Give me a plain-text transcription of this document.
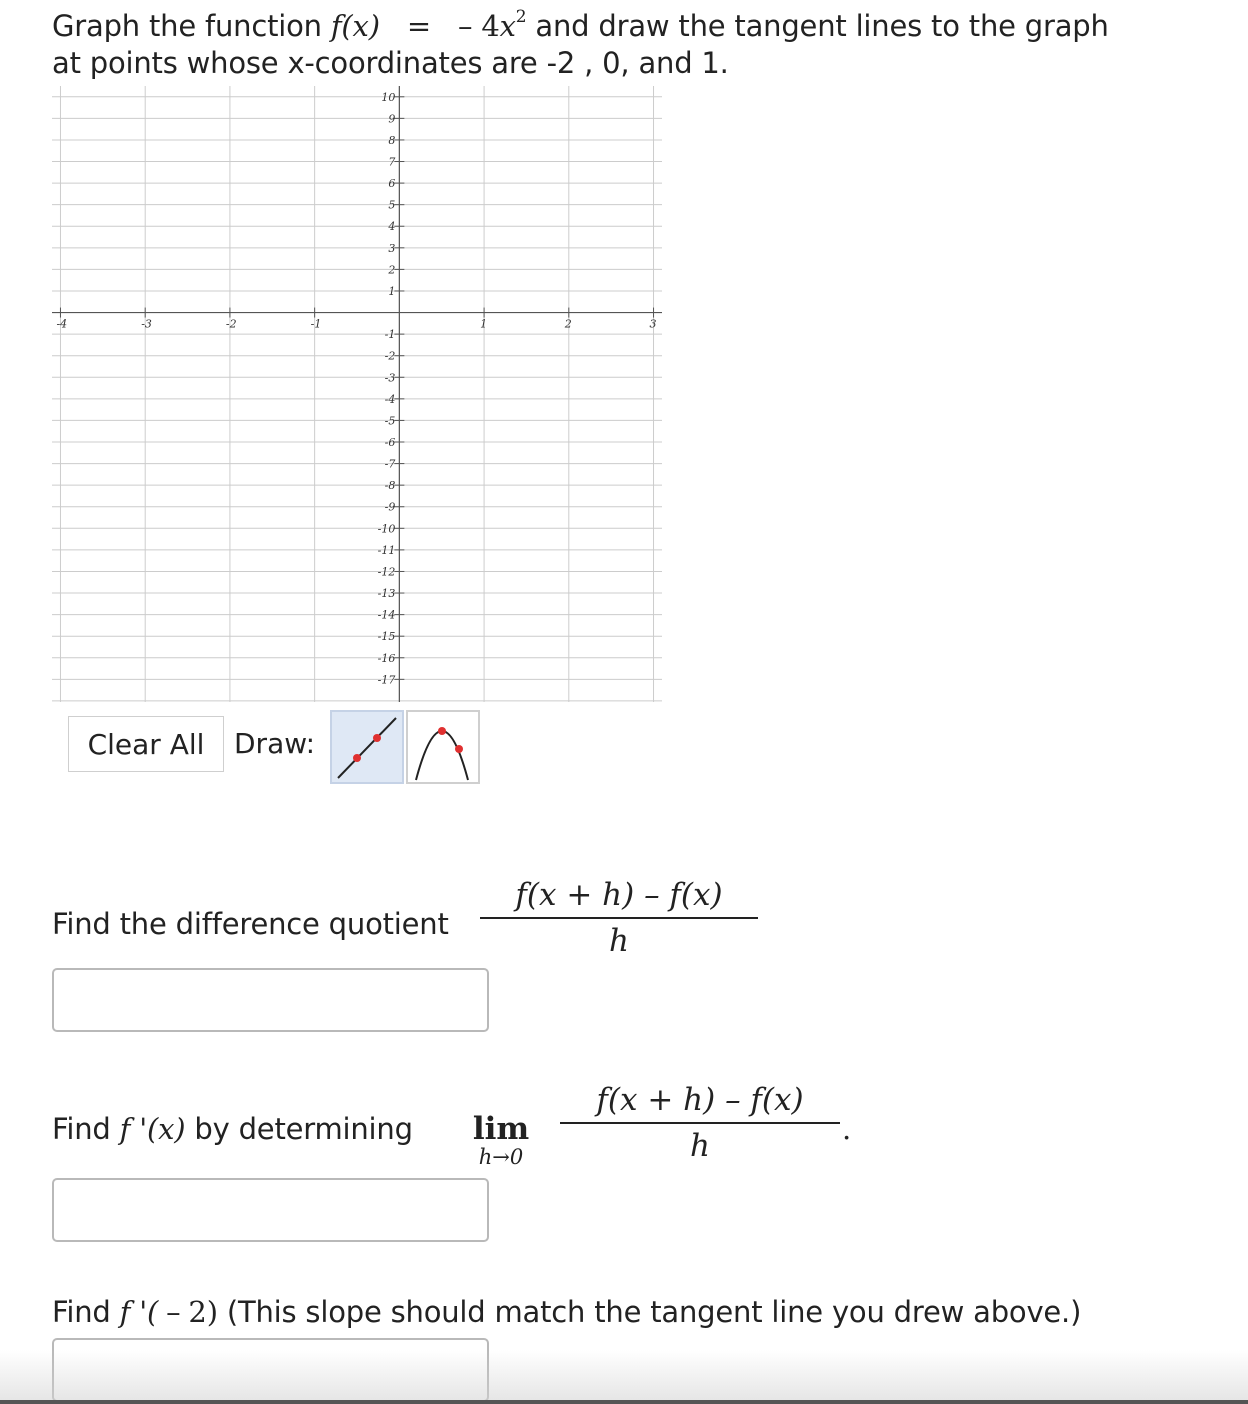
Graph the function f(x) = – $4x^2$ and draw the tangent lines to the graph
at points whose x-coordinates are -2 , 0, and 1.
-4	-3	-2	-1	1	2	3
10
9
8
7
6
5
4
3
2
1
-1
-2
-3
-4
-5
-6
-7
-8
-9
-10
-11
-12
-13
-14
-15
-16
-17
Clear All	Draw:
Find the difference quotient
f(x + h) – f(x)
h
Find f '(x) by determining lim
h→0
f(x + h) – f(x)
h	.
Find f '( – 2) (This slope should match the tangent line you drew above.)
